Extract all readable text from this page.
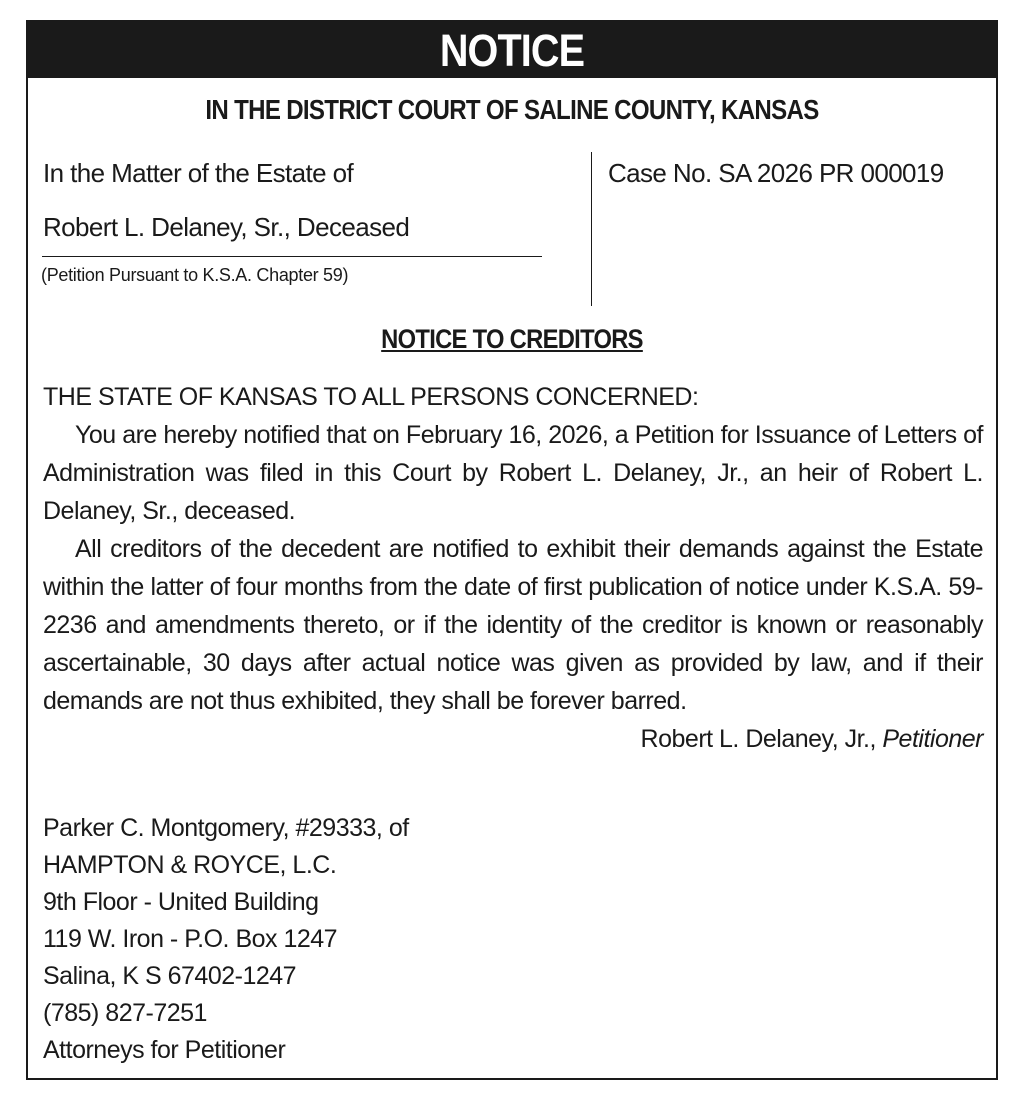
NOTICE
IN THE DISTRICT COURT OF SALINE COUNTY, KANSAS
In the Matter of the Estate of
Robert L. Delaney, Sr., Deceased
(Petition Pursuant to K.S.A. Chapter 59)
Case No. SA 2026 PR 000019
NOTICE TO CREDITORS

THE STATE OF KANSAS TO ALL PERSONS CONCERNED:

You are hereby notified that on February 16, 2026, a Petition for Issuance of Letters of Administration was filed in this Court by Robert L. Delaney, Jr., an heir of Robert L. Delaney, Sr., deceased.

All creditors of the decedent are notified to exhibit their demands against the Estate within the latter of four months from the date of first publication of notice under K.S.A. 59-2236 and amendments thereto, or if the identity of the creditor is known or reasonably ascertainable, 30 days after actual notice was given as provided by law, and if their demands are not thus exhibited, they shall be forever barred.

Robert L. Delaney, Jr., Petitioner

Parker C. Montgomery, #29333, of
HAMPTON & ROYCE, L.C.
9th Floor - United Building
119 W. Iron - P.O. Box 1247
Salina, K S 67402-1247
(785) 827-7251
Attorneys for Petitioner
